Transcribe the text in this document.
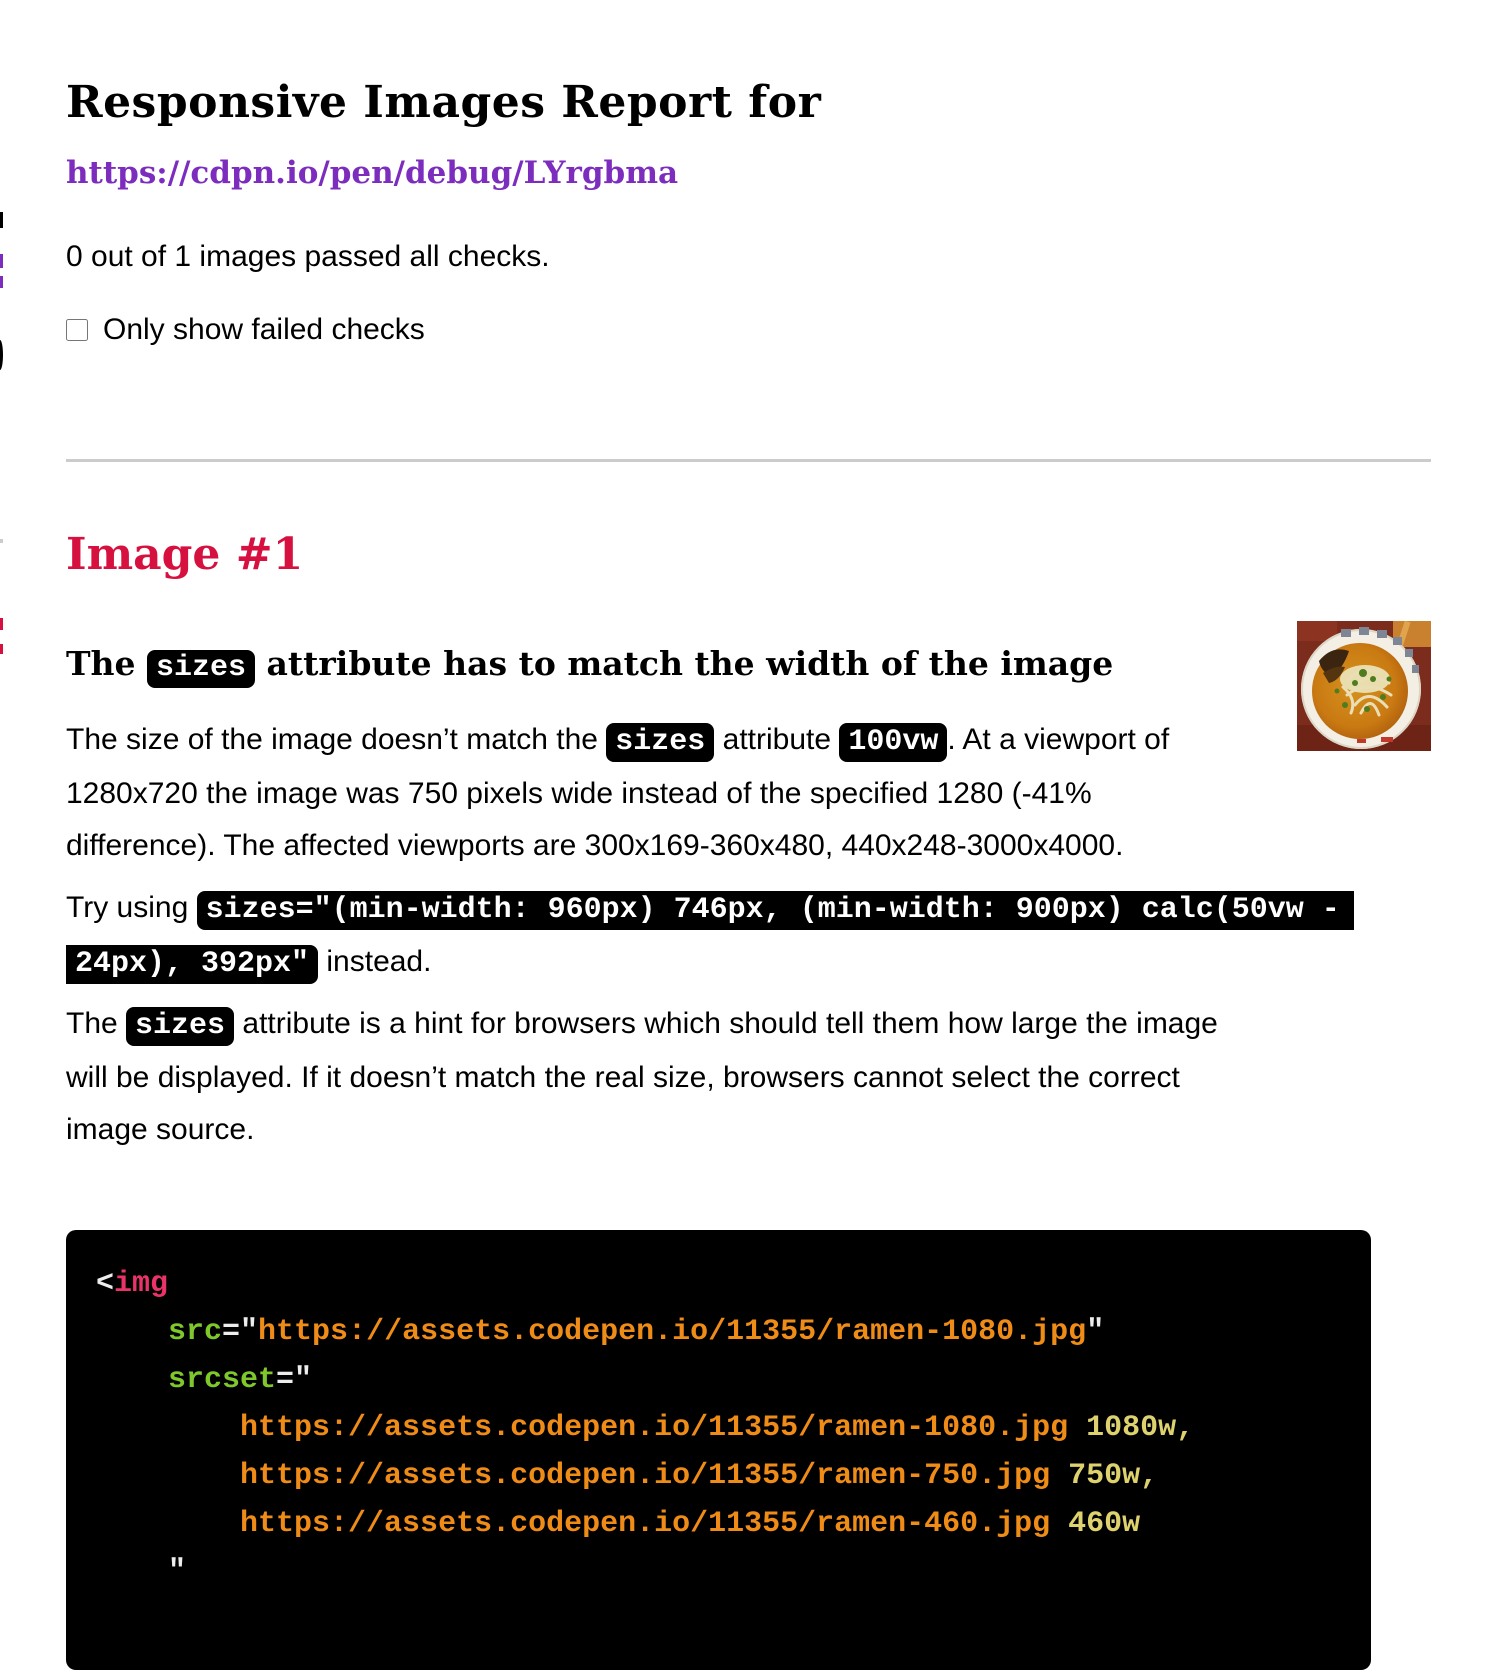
Responsive Images Report for
https://cdpn.io/pen/debug/LYrgbma

0 out of 1 images passed all checks.

Only show failed checks
Image #1
The sizes attribute has to match the width of the image

The size of the image doesn’t match the sizes attribute 100vw . At a viewport of
1280x720 the image was 750 pixels wide instead of the specified 1280 (-41%
difference). The affected viewports are 300x169-360x480, 440x248-3000x4000.

Try using sizes="(min-width: 960px) 746px, (min-width: 900px) calc(50vw -
24px), 392px" instead.

The sizes attribute is a hint for browsers which should tell them how large the image
will be displayed. If it doesn’t match the real size, browsers cannot select the correct
image source.

<img
src="https://assets.codepen.io/11355/ramen-1080.jpg"
srcset="
https://assets.codepen.io/11355/ramen-1080.jpg 1080w,
https://assets.codepen.io/11355/ramen-750.jpg 750w,
https://assets.codepen.io/11355/ramen-460.jpg 460w
"
